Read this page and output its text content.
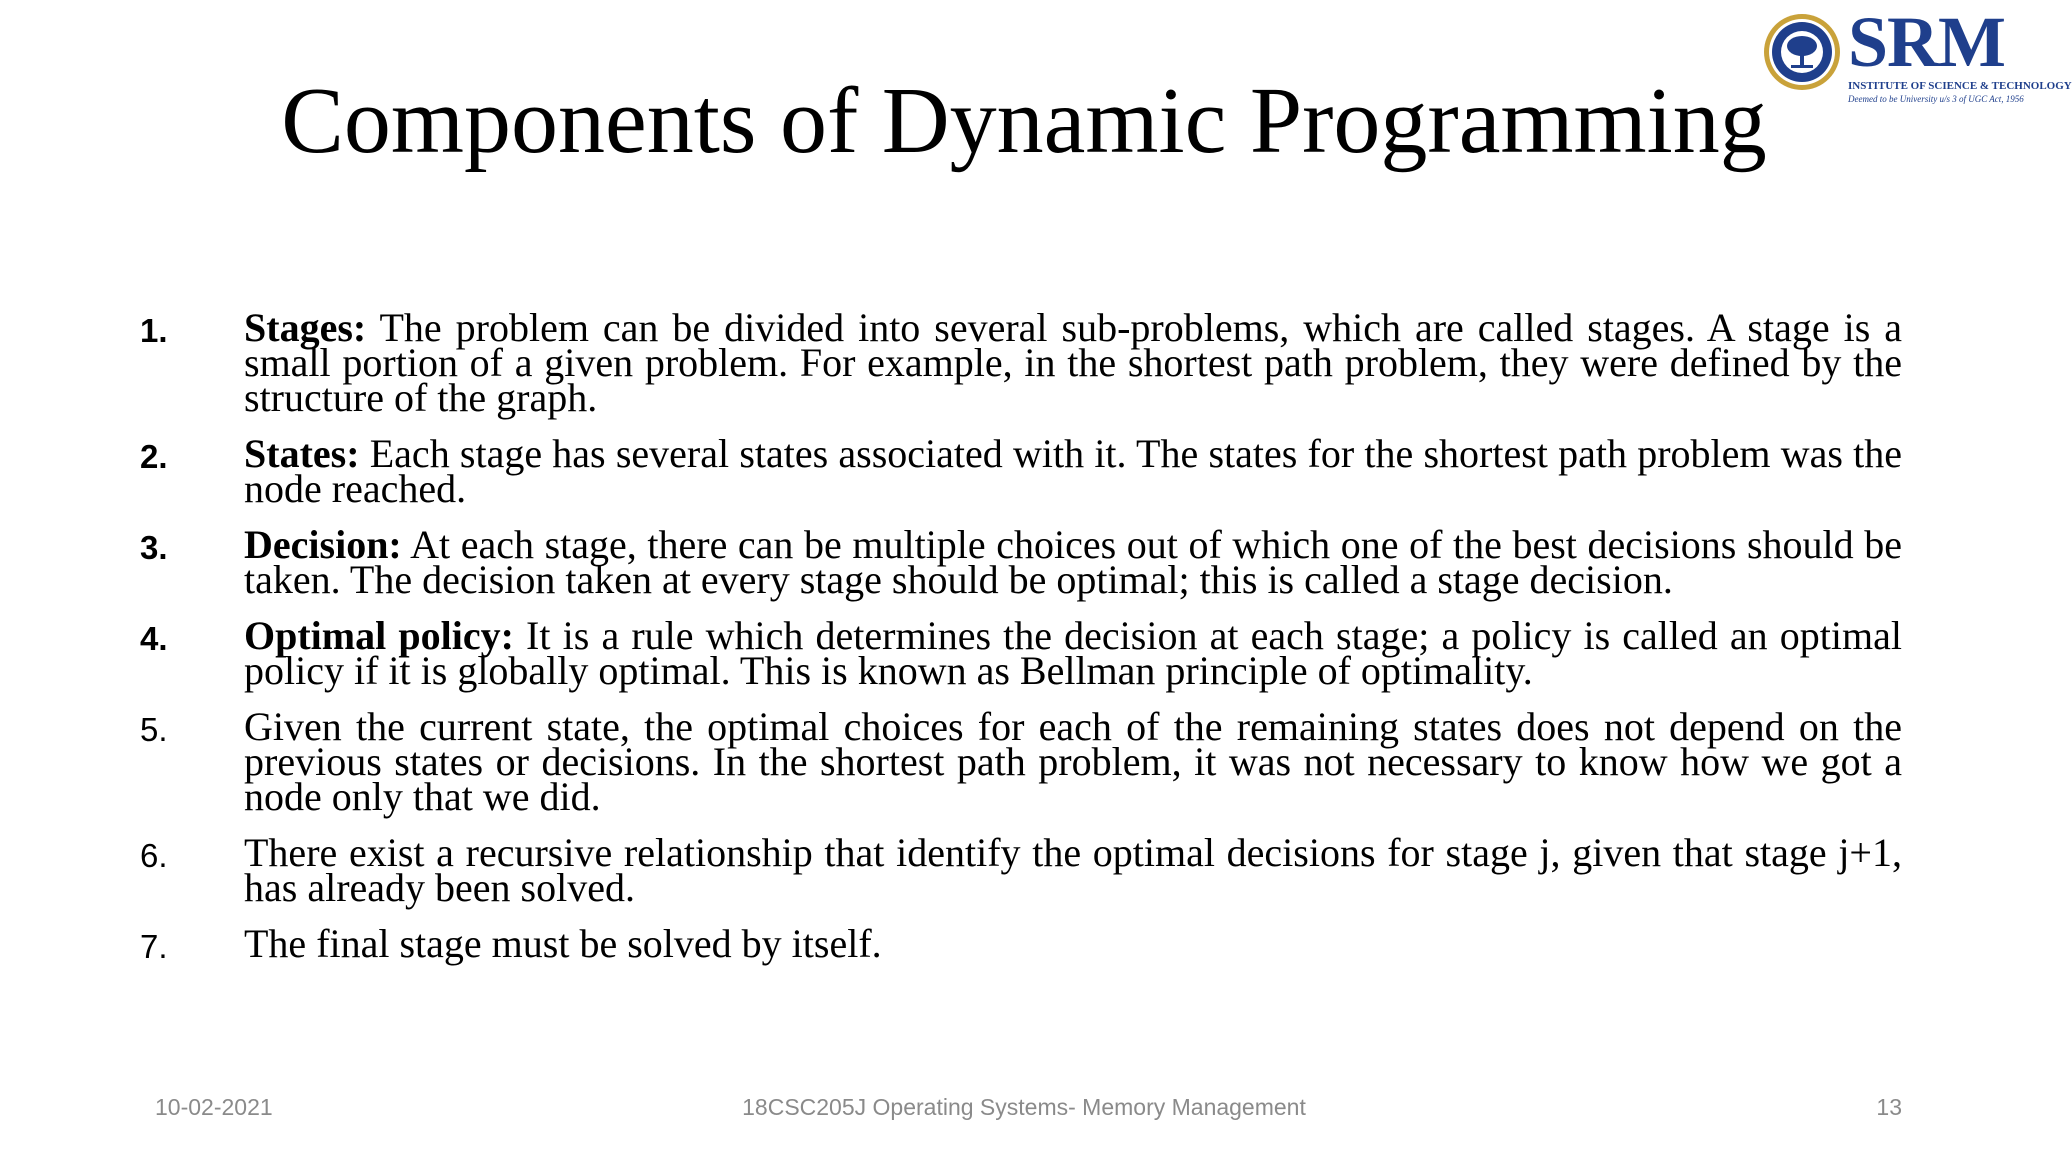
Components of Dynamic Programming
SRM
INSTITUTE OF SCIENCE & TECHNOLOGY
Deemed to be University u/s 3 of UGC Act, 1956
1.	Stages: The problem can be divided into several sub-problems, which are called stages. A stage is a small portion of a given problem. For example, in the shortest path problem, they were defined by the structure of the graph.
2.	States: Each stage has several states associated with it. The states for the shortest path problem was the node reached.
3.	Decision: At each stage, there can be multiple choices out of which one of the best decisions should be taken. The decision taken at every stage should be optimal; this is called a stage decision.
4.	Optimal policy: It is a rule which determines the decision at each stage; a policy is called an optimal policy if it is globally optimal. This is known as Bellman principle of optimality.
5.	Given the current state, the optimal choices for each of the remaining states does not depend on the previous states or decisions. In the shortest path problem, it was not necessary to know how we got a node only that we did.
6.	There exist a recursive relationship that identify the optimal decisions for stage j, given that stage j+1, has already been solved.
7.	The final stage must be solved by itself.
18CSC205J Operating Systems- Memory Management
10-02-2021	13
